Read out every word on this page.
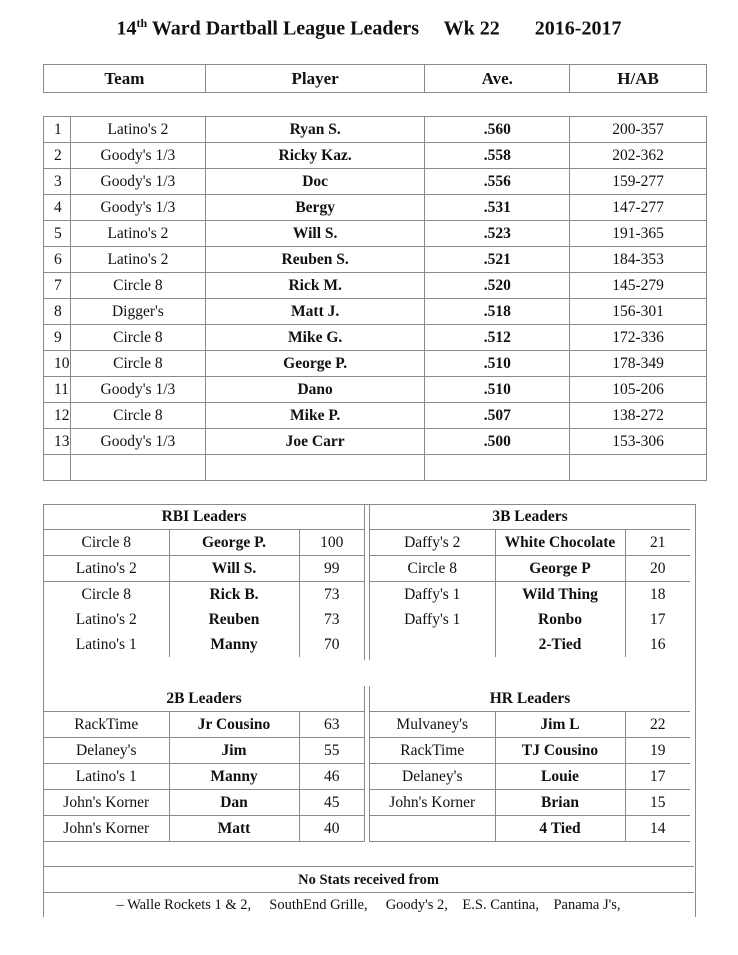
14th Ward Dartball League Leaders     Wk 22       2016-2017
Team	Player	Ave.	H/AB
1	Latino's 2	Ryan S.	.560	200-357
2	Goody's 1/3	Ricky Kaz.	.558	202-362
3	Goody's 1/3	Doc	.556	159-277
4	Goody's 1/3	Bergy	.531	147-277
5	Latino's 2	Will S.	.523	191-365
6	Latino's 2	Reuben S.	.521	184-353
7	Circle 8	Rick M.	.520	145-279
8	Digger's	Matt J.	.518	156-301
9	Circle 8	Mike G.	.512	172-336
10	Circle 8	George P.	.510	178-349
11	Goody's 1/3	Dano	.510	105-206
12	Circle 8	Mike P.	.507	138-272
13	Goody's 1/3	Joe Carr	.500	153-306

RBI Leaders		
Circle 8	George P.	100
Latino's 2	Will S.	99
Circle 8	Rick B.	73
Latino's 2	Reuben	73
Latino's 1	Manny	70
3B Leaders		
Daffy's 2	White Chocolate	21
Circle 8	George P	20
Daffy's 1	Wild Thing	18
Daffy's 1	Ronbo	17
	2-Tied	16
2B Leaders		
RackTime	Jr Cousino	63
Delaney's	Jim	55
Latino's 1	Manny	46
John's Korner	Dan	45
John's Korner	Matt	40
HR Leaders		
Mulvaney's	Jim L	22
RackTime	TJ Cousino	19
Delaney's	Louie	17
John's Korner	Brian	15
	4 Tied	14
No Stats received from
– Walle Rockets 1 & 2,     SouthEnd Grille,     Goody's 2,    E.S. Cantina,    Panama J's,
